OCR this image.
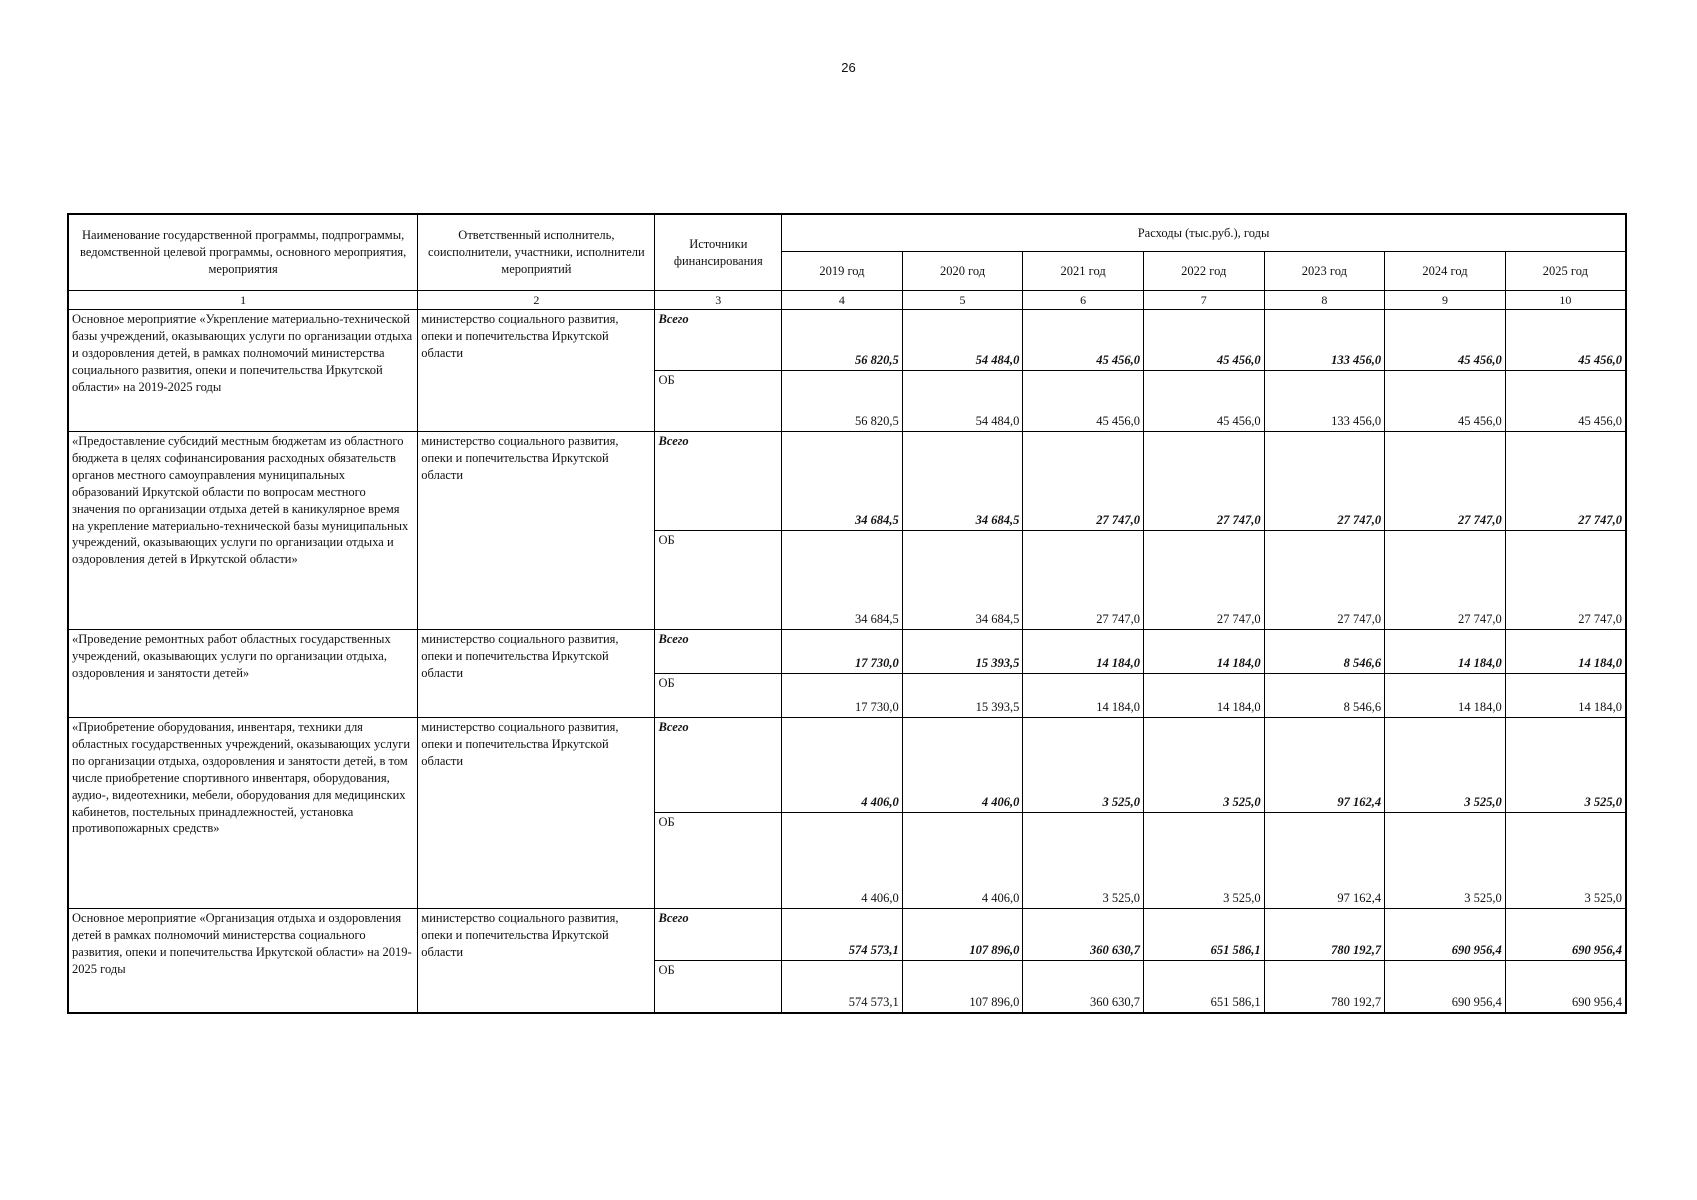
26
Наименование государственной программы, подпрограммы, ведомственной целевой программы, основного мероприятия, мероприятия	Ответственный исполнитель, соисполнители, участники, исполнители мероприятий	Источники финансирования	Расходы (тыс.руб.), годы						
			2019 год	2020 год	2021 год	2022 год	2023 год	2024 год	2025 год
1	2	3	4	5	6	7	8	9	10
Основное мероприятие «Укрепление материально-технической базы учреждений, оказывающих услуги по организации отдыха и оздоровления детей, в рамках полномочий министерства социального развития, опеки и попечительства Иркутской области» на 2019-2025 годы	министерство социального развития, опеки и попечительства Иркутской области	Всего	56 820,5	54 484,0	45 456,0	45 456,0	133 456,0	45 456,0	45 456,0
		ОБ	56 820,5	54 484,0	45 456,0	45 456,0	133 456,0	45 456,0	45 456,0
«Предоставление субсидий местным бюджетам из областного бюджета в целях софинансирования расходных обязательств органов местного самоуправления муниципальных образований Иркутской области по вопросам местного значения по организации отдыха детей в каникулярное время на укрепление материально-технической базы муниципальных учреждений, оказывающих услуги по организации отдыха и оздоровления детей в Иркутской области»	министерство социального развития, опеки и попечительства Иркутской области	Всего	34 684,5	34 684,5	27 747,0	27 747,0	27 747,0	27 747,0	27 747,0
		ОБ	34 684,5	34 684,5	27 747,0	27 747,0	27 747,0	27 747,0	27 747,0
«Проведение ремонтных работ областных государственных учреждений, оказывающих услуги по организации отдыха, оздоровления и занятости детей»	министерство социального развития, опеки и попечительства Иркутской области	Всего	17 730,0	15 393,5	14 184,0	14 184,0	8 546,6	14 184,0	14 184,0
		ОБ	17 730,0	15 393,5	14 184,0	14 184,0	8 546,6	14 184,0	14 184,0
«Приобретение оборудования, инвентаря, техники для областных государственных учреждений, оказывающих услуги по организации отдыха, оздоровления и занятости детей, в том числе приобретение спортивного инвентаря, оборудования, аудио-, видеотехники, мебели, оборудования для медицинских кабинетов, постельных принадлежностей, установка противопожарных средств»	министерство социального развития, опеки и попечительства Иркутской области	Всего	4 406,0	4 406,0	3 525,0	3 525,0	97 162,4	3 525,0	3 525,0
		ОБ	4 406,0	4 406,0	3 525,0	3 525,0	97 162,4	3 525,0	3 525,0
Основное мероприятие «Организация отдыха и оздоровления детей в рамках полномочий министерства социального развития, опеки и попечительства Иркутской области» на 2019-2025 годы	министерство социального развития, опеки и попечительства Иркутской области	Всего	574 573,1	107 896,0	360 630,7	651 586,1	780 192,7	690 956,4	690 956,4
		ОБ	574 573,1	107 896,0	360 630,7	651 586,1	780 192,7	690 956,4	690 956,4
